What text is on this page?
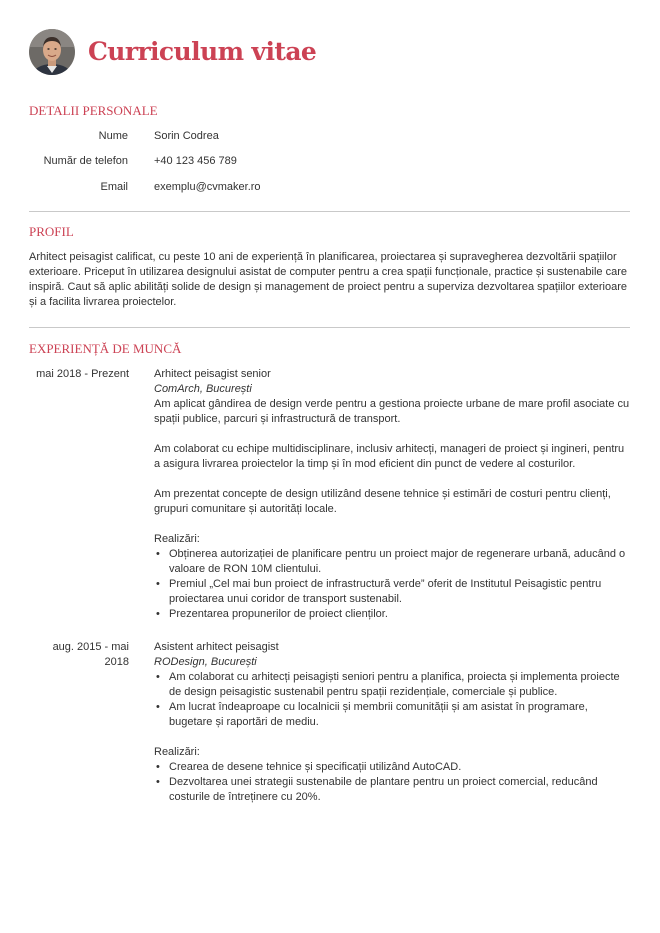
Curriculum vitae
DETALII PERSONALE
Nume Sorin Codrea
Număr de telefon +40 123 456 789
Email exemplu@cvmaker.ro
PROFIL
Arhitect peisagist calificat, cu peste 10 ani de experiență în planificarea, proiectarea și supravegherea dezvoltării spațiilor exterioare. Priceput în utilizarea designului asistat de computer pentru a crea spații funcționale, practice și sustenabile care inspiră. Caut să aplic abilități solide de design și management de proiect pentru a superviza dezvoltarea spațiilor exterioare și a facilita livrarea proiectelor.
EXPERIENȚĂ DE MUNCĂ
mai 2018 - Prezent Arhitect peisagist senior
ComArch, București

Am aplicat gândirea de design verde pentru a gestiona proiecte urbane de mare profil asociate cu spații publice, parcuri și infrastructură de transport.

Am colaborat cu echipe multidisciplinare, inclusiv arhitecți, manageri de proiect și ingineri, pentru a asigura livrarea proiectelor la timp și în mod eficient din punct de vedere al costurilor.

Am prezentat concepte de design utilizând desene tehnice și estimări de costuri pentru clienți, grupuri comunitare și autorități locale.

Realizări:
• Obținerea autorizației de planificare pentru un proiect major de regenerare urbană, aducând o valoare de RON 10M clientului.
• Premiul „Cel mai bun proiect de infrastructură verde” oferit de Institutul Peisagistic pentru proiectarea unui coridor de transport sustenabil.
• Prezentarea propunerilor de proiect clienților.
aug. 2015 - mai 2018
Asistent arhitect peisagist
RODesign, București
• Am colaborat cu arhitecți peisagiști seniori pentru a planifica, proiecta și implementa proiecte de design peisagistic sustenabil pentru spații rezidențiale, comerciale și publice.
• Am lucrat îndeaproape cu localnicii și membrii comunității și am asistat în programare, bugetare și raportări de mediu.
Realizări:
• Crearea de desene tehnice și specificații utilizând AutoCAD.
• Dezvoltarea unei strategii sustenabile de plantare pentru un proiect comercial, reducând costurile de întreținere cu 20%.
